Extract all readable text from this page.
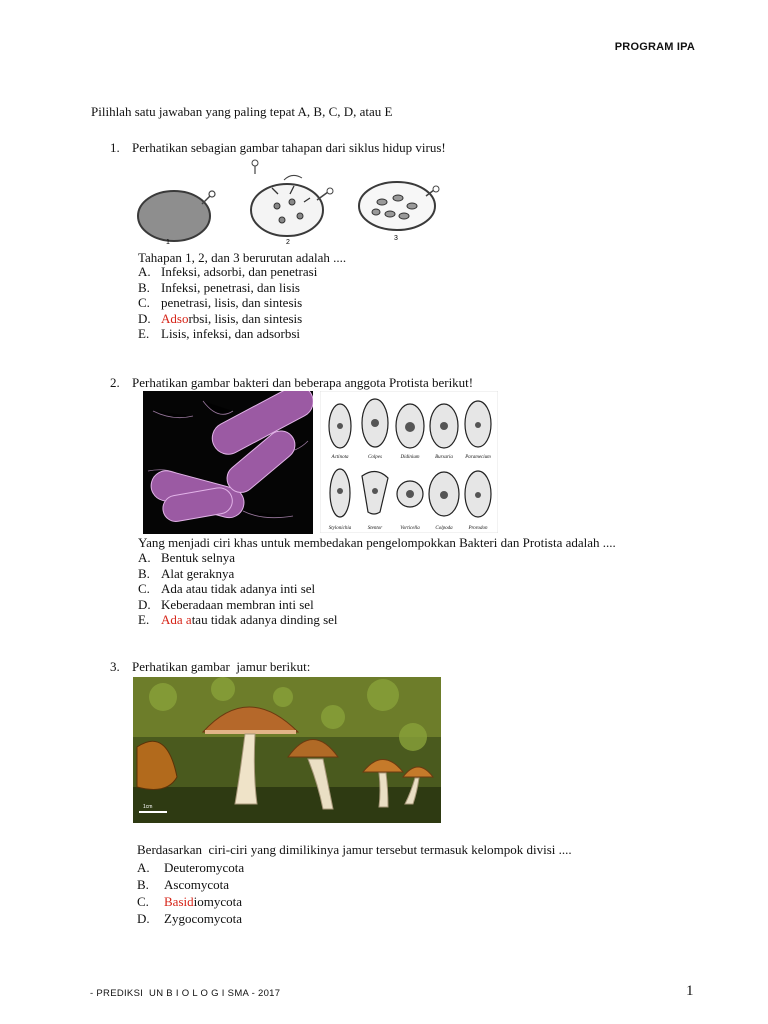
PROGRAM IPA
Pilihlah satu jawaban yang paling tepat A, B, C, D, atau E
1. Perhatikan sebagian gambar tahapan dari siklus hidup virus!
1	2
3
Tahapan 1, 2, dan 3 berurutan adalah ....
A. Infeksi, adsorbi, dan penetrasi
B. Infeksi, penetrasi, dan lisis
C. penetrasi, lisis, dan sintesis
D. Adsorbsi, lisis, dan sintesis
E. Lisis, infeksi, dan adsorbsi
2. Perhatikan gambar bakteri dan beberapa anggota Protista berikut!
Actinota	Colpes	Didinium	Bursaria Paramecium
Stylonichia	Stentor	Vorticella	Colpoda	Prorodon
Yang menjadi ciri khas untuk membedakan pengelompokkan Bakteri dan Protista adalah ....
A. Bentuk selnya
B. Alat geraknya
C. Ada atau tidak adanya inti sel
D. Keberadaan membran inti sel
E. Ada atau tidak adanya dinding sel
3. Perhatikan gambar  jamur berikut:
1cm
Berdasarkan  ciri-ciri yang dimilikinya jamur tersebut termasuk kelompok divisi ....
A. Deuteromycota
B. Ascomycota
C. Basidiomycota
D. Zygocomycota
- PREDIKSI  UN B I O L O G I SMA - 2017	1
